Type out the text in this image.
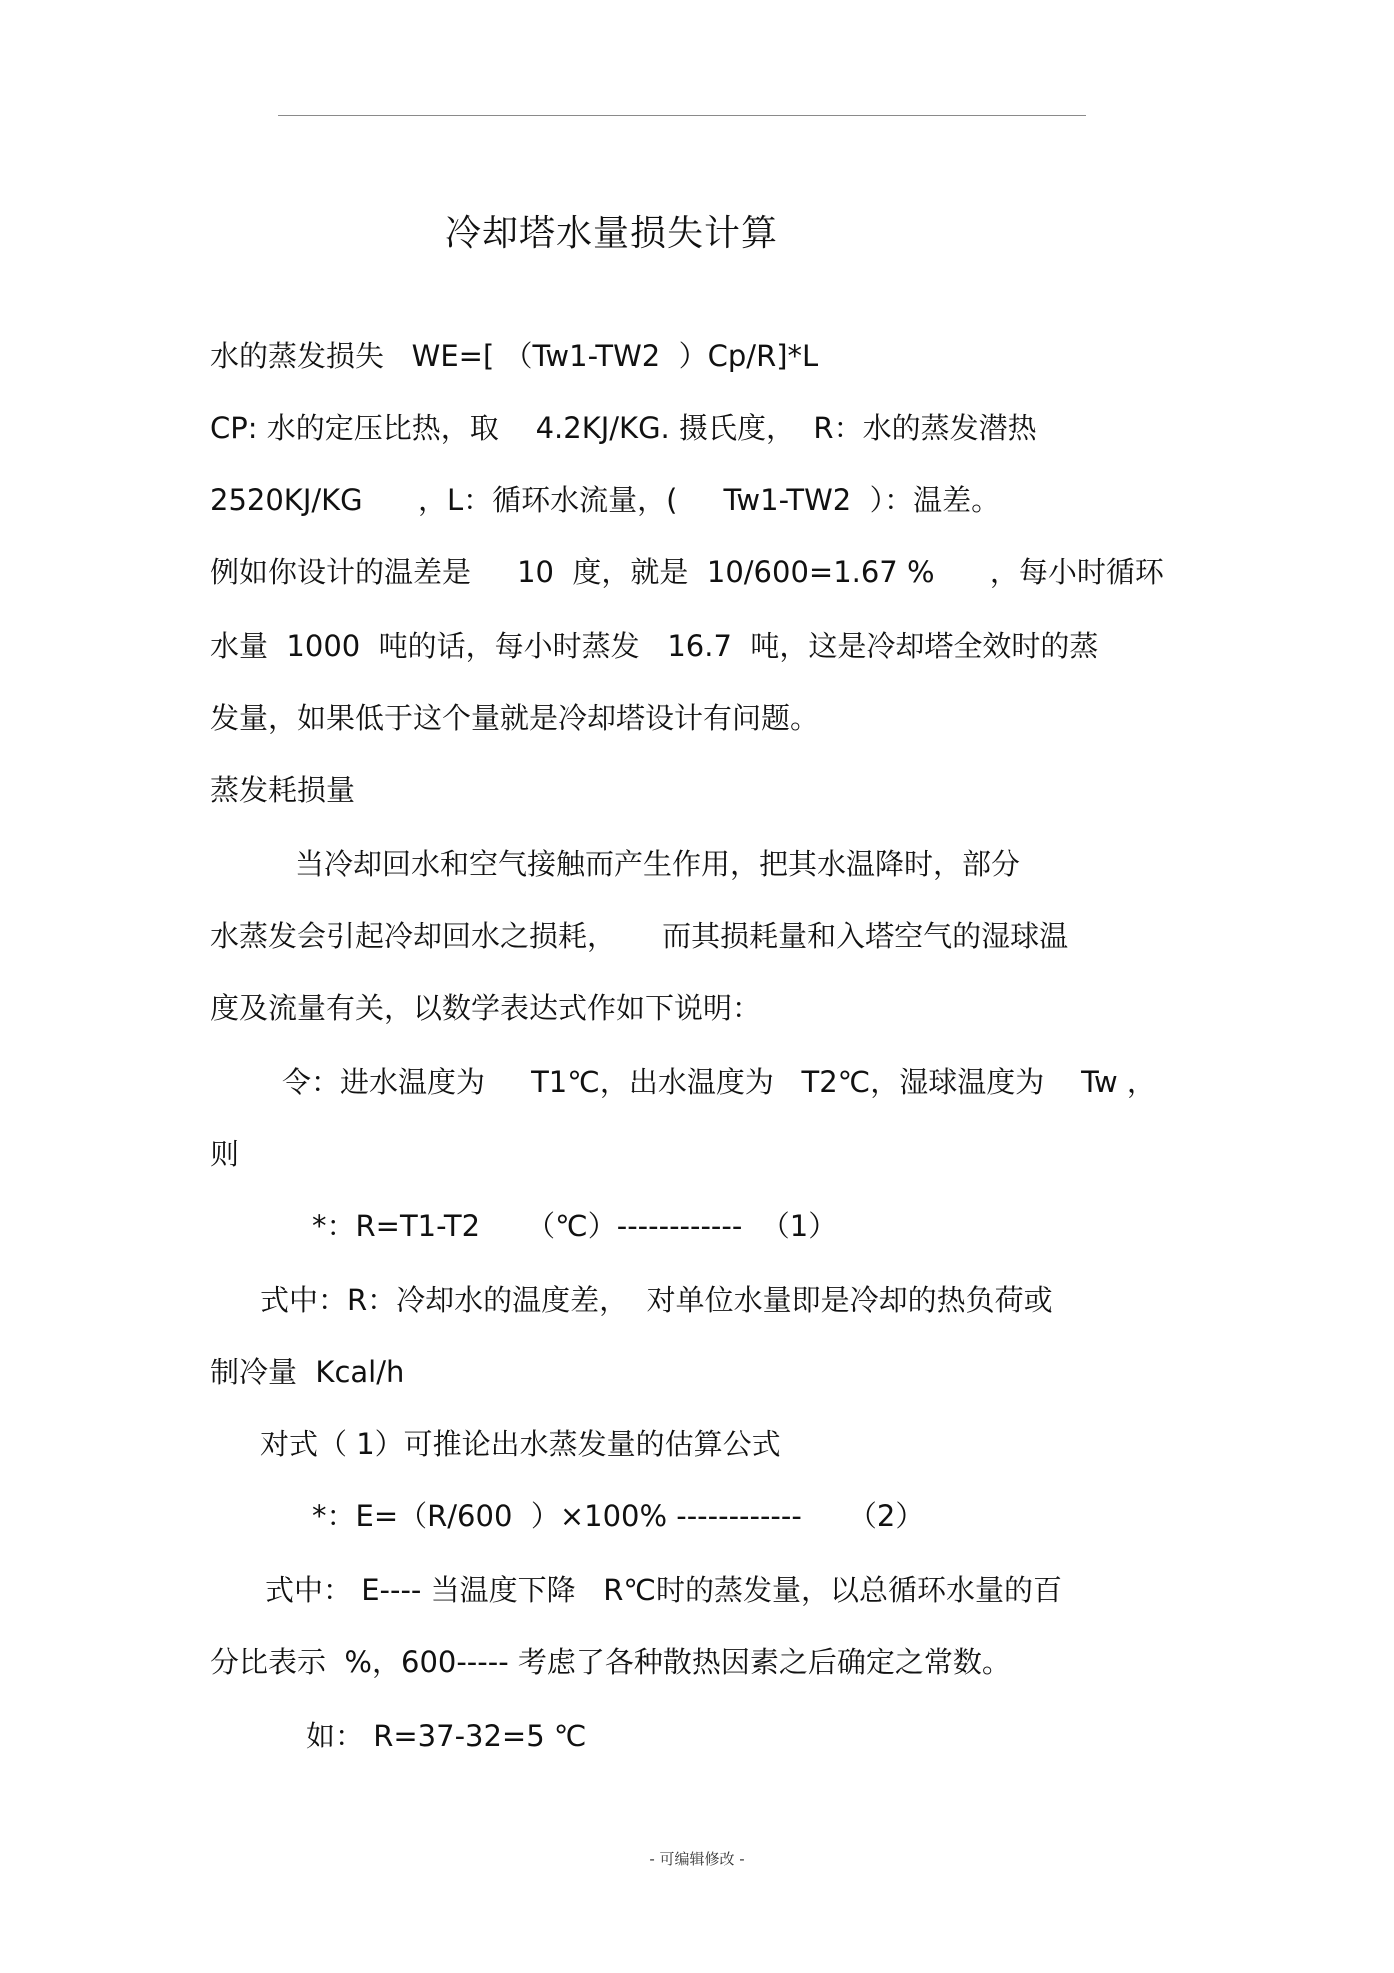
冷却塔水量损失计算
水的蒸发损失   WE=[ （Tw1-TW2  ）Cp/R]*L
CP: 水的定压比热，取    4.2KJ/KG. 摄氏度，  R：水的蒸发潜热
2520KJ/KG      ，L：循环水流量，(     Tw1-TW2  ）：温差。
例如你设计的温差是     10  度，就是  10/600=1.67 %      ，每小时循环
水量  1000  吨的话，每小时蒸发   16.7  吨，这是冷却塔全效时的蒸
发量，如果低于这个量就是冷却塔设计有问题。
蒸发耗损量
当冷却回水和空气接触而产生作用，把其水温降时，部分
水蒸发会引起冷却回水之损耗，     而其损耗量和入塔空气的湿球温
度及流量有关，以数学表达式作如下说明：
令：进水温度为     T1℃，出水温度为   T2℃，湿球温度为    Tw ，
则
*：R=T1-T2     （℃）------------  （1）
式中：R：冷却水的温度差，  对单位水量即是冷却的热负荷或
制冷量  Kcal/h
对式（ 1）可推论出水蒸发量的估算公式
*：E=（R/600  ）×100% ------------     （2）
式中： E---- 当温度下降   R℃时的蒸发量，以总循环水量的百
分比表示  %，600----- 考虑了各种散热因素之后确定之常数。
如： R=37-32=5 ℃
- 可编辑修改 -
